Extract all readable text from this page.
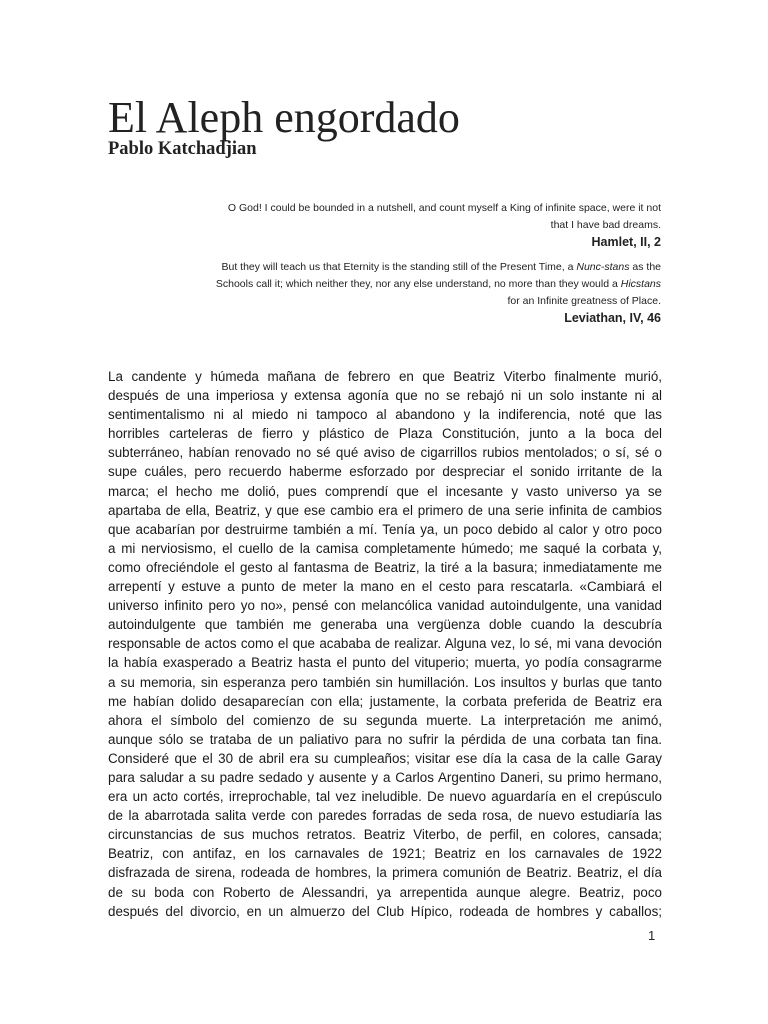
El Aleph engordado
Pablo Katchadjian
O God! I could be bounded in a nutshell, and count myself a King of infinite space, were it not
that I have bad dreams.
Hamlet, II, 2
But they will teach us that Eternity is the standing still of the Present Time, a Nunc-stans as the
Schools call it; which neither they, nor any else understand, no more than they would a Hicstans
for an Infinite greatness of Place.
Leviathan, IV, 46
La candente y húmeda mañana de febrero en que Beatriz Viterbo finalmente murió,
después de una imperiosa y extensa agonía que no se rebajó ni un solo instante ni al
sentimentalismo ni al miedo ni tampoco al abandono y la indiferencia, noté que las
horribles carteleras de fierro y plástico de Plaza Constitución, junto a la boca del
subterráneo, habían renovado no sé qué aviso de cigarrillos rubios mentolados; o sí, sé o
supe cuáles, pero recuerdo haberme esforzado por despreciar el sonido irritante de la
marca; el hecho me dolió, pues comprendí que el incesante y vasto universo ya se
apartaba de ella, Beatriz, y que ese cambio era el primero de una serie infinita de cambios
que acabarían por destruirme también a mí. Tenía ya, un poco debido al calor y otro poco
a mi nerviosismo, el cuello de la camisa completamente húmedo; me saqué la corbata y,
como ofreciéndole el gesto al fantasma de Beatriz, la tiré a la basura; inmediatamente me
arrepentí y estuve a punto de meter la mano en el cesto para rescatarla. «Cambiará el
universo infinito pero yo no», pensé con melancólica vanidad autoindulgente, una vanidad
autoindulgente que también me generaba una vergüenza doble cuando la descubría
responsable de actos como el que acababa de realizar. Alguna vez, lo sé, mi vana devoción
la había exasperado a Beatriz hasta el punto del vituperio; muerta, yo podía consagrarme
a su memoria, sin esperanza pero también sin humillación. Los insultos y burlas que tanto
me habían dolido desaparecían con ella; justamente, la corbata preferida de Beatriz era
ahora el símbolo del comienzo de su segunda muerte. La interpretación me animó,
aunque sólo se trataba de un paliativo para no sufrir la pérdida de una corbata tan fina.
Consideré que el 30 de abril era su cumpleaños; visitar ese día la casa de la calle Garay
para saludar a su padre sedado y ausente y a Carlos Argentino Daneri, su primo hermano,
era un acto cortés, irreprochable, tal vez ineludible. De nuevo aguardaría en el crepúsculo
de la abarrotada salita verde con paredes forradas de seda rosa, de nuevo estudiaría las
circunstancias de sus muchos retratos. Beatriz Viterbo, de perfil, en colores, cansada;
Beatriz, con antifaz, en los carnavales de 1921; Beatriz en los carnavales de 1922
disfrazada de sirena, rodeada de hombres, la primera comunión de Beatriz. Beatriz, el día
de su boda con Roberto de Alessandri, ya arrepentida aunque alegre. Beatriz, poco
después del divorcio, en un almuerzo del Club Hípico, rodeada de hombres y caballos;
1
